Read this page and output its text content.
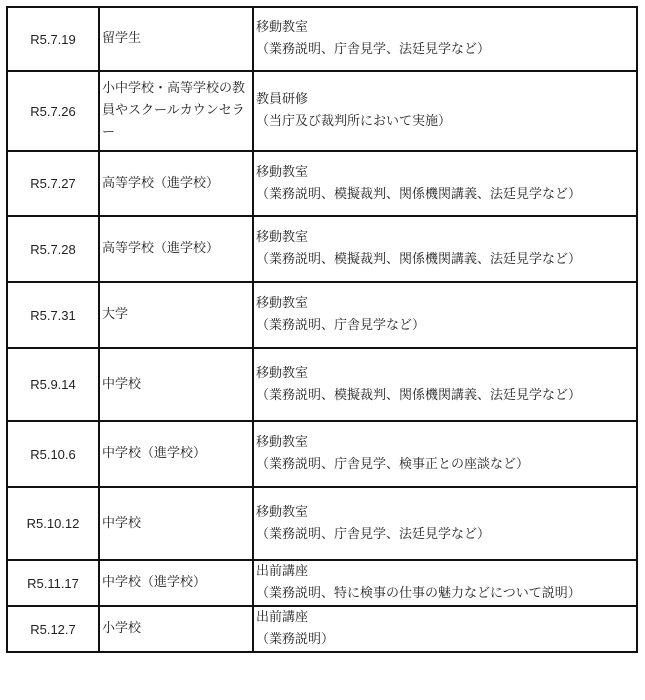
R5.7.19	留学生	移動教室
（業務説明、庁舎見学、法廷見学など）

R5.7.26	小中学校・高等学校の教員やスクールカウンセラー	教員研修
（当庁及び裁判所において実施）

R5.7.27	高等学校（進学校）	移動教室
（業務説明、模擬裁判、関係機関講義、法廷見学など）

R5.7.28	高等学校（進学校）	移動教室
（業務説明、模擬裁判、関係機関講義、法廷見学など）

R5.7.31	大学	移動教室
（業務説明、庁舎見学など）

R5.9.14	中学校	移動教室
（業務説明、模擬裁判、関係機関講義、法廷見学など）

R5.10.6	中学校（進学校）	移動教室
（業務説明、庁舎見学、検事正との座談など）

R5.10.12	中学校	移動教室
（業務説明、庁舎見学、法廷見学など）

R5.11.17	中学校（進学校）	出前講座
（業務説明、特に検事の仕事の魅力などについて説明）

R5.12.7	小学校	出前講座
（業務説明）
